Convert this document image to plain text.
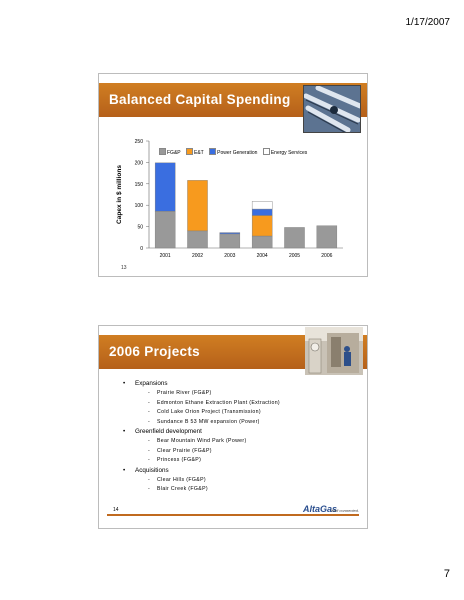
1/17/2007
Balanced Capital Spending
FG&P	E&T	Power Generation	Energy Services
Capex in $ millions
0
50
100
150
200
250
2001	2002	2003	2004	2005	2006
13
2006 Projects
• Expansions
- Prairie River (FG&P)
- Edmonton Ethane Extraction Plant (Extraction)
- Cold Lake Orion Project (Transmission)
- Sundance B 53 MW expansion (Power)
• Greenfield development
- Bear Mountain Wind Park (Power)
- Clear Prairie (FG&P)
- Princess (FG&P)
• Acquisitions
- Clear Hills (FG&P)
- Blair Creek (FG&P)
14	AltaGas
Well connected.
7
